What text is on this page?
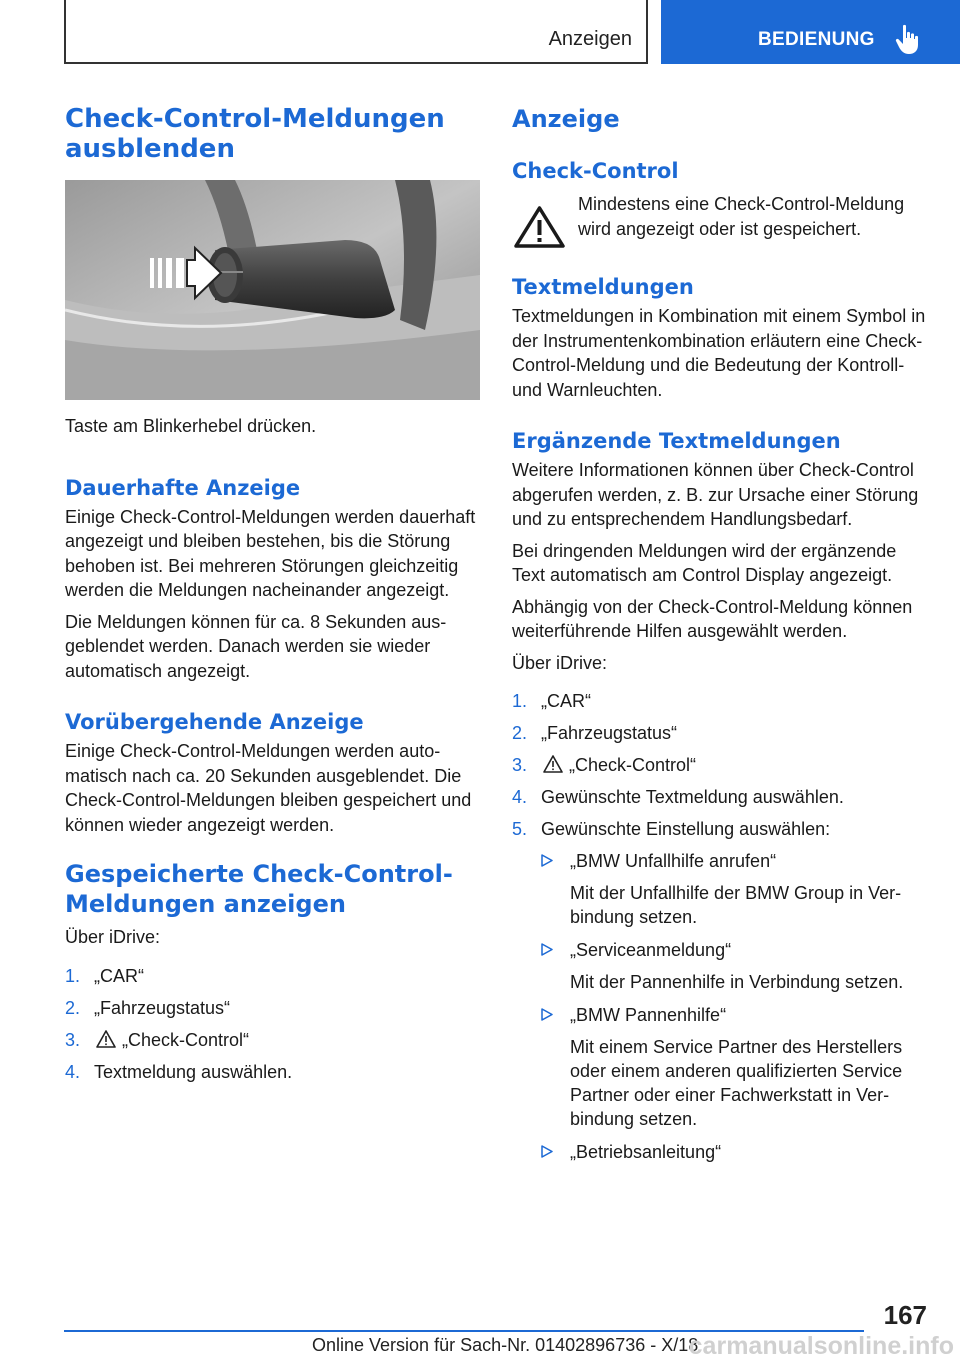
Anzeigen	BEDIENUNG
Check-Control-Meldungen ausblenden

Taste am Blinkerhebel drücken.

Dauerhafte Anzeige

Einige Check-Control-Meldungen werden dauerhaft angezeigt und bleiben bestehen, bis die Störung behoben ist. Bei mehreren Störungen gleichzeitig werden die Meldungen nacheinander angezeigt.

Die Meldungen können für ca. 8 Sekunden ausgeblendet werden. Danach werden sie wieder automatisch angezeigt.

Vorübergehende Anzeige

Einige Check-Control-Meldungen werden automatisch nach ca. 20 Sekunden ausgeblendet. Die Check-Control-Meldungen bleiben gespeichert und können wieder angezeigt werden.

Gespeicherte Check-Control-Meldungen anzeigen

Über iDrive:

1. „CAR“
2. „Fahrzeugstatus“
3. „Check-Control“
4. Textmeldung auswählen.
Anzeige
Check-Control

Mindestens eine Check-Control-Meldung wird angezeigt oder ist gespeichert.

Textmeldungen

Textmeldungen in Kombination mit einem Symbol in der Instrumentenkombination erläutern eine Check-Control-Meldung und die Bedeutung der Kontroll- und Warnleuchten.

Ergänzende Textmeldungen

Weitere Informationen können über Check-Control abgerufen werden, z. B. zur Ursache einer Störung und zu entsprechendem Handlungsbedarf.

Bei dringenden Meldungen wird der ergänzende Text automatisch am Control Display angezeigt.

Abhängig von der Check-Control-Meldung können weiterführende Hilfen ausgewählt werden.

Über iDrive:

1. „CAR“
2. „Fahrzeugstatus“
3. „Check-Control“
4. Gewünschte Textmeldung auswählen.
5. Gewünschte Einstellung auswählen:
„BMW Unfallhilfe anrufen“
Mit der Unfallhilfe der BMW Group in Verbindung setzen.
„Serviceanmeldung“
Mit der Pannenhilfe in Verbindung setzen.
„BMW Pannenhilfe“
Mit einem Service Partner des Herstellers oder einem anderen qualifizierten Service Partner oder einer Fachwerkstatt in Verbindung setzen.
„Betriebsanleitung“
167
Online Version für Sach-Nr. 01402896736 - X/18
carmanualsonline.info
